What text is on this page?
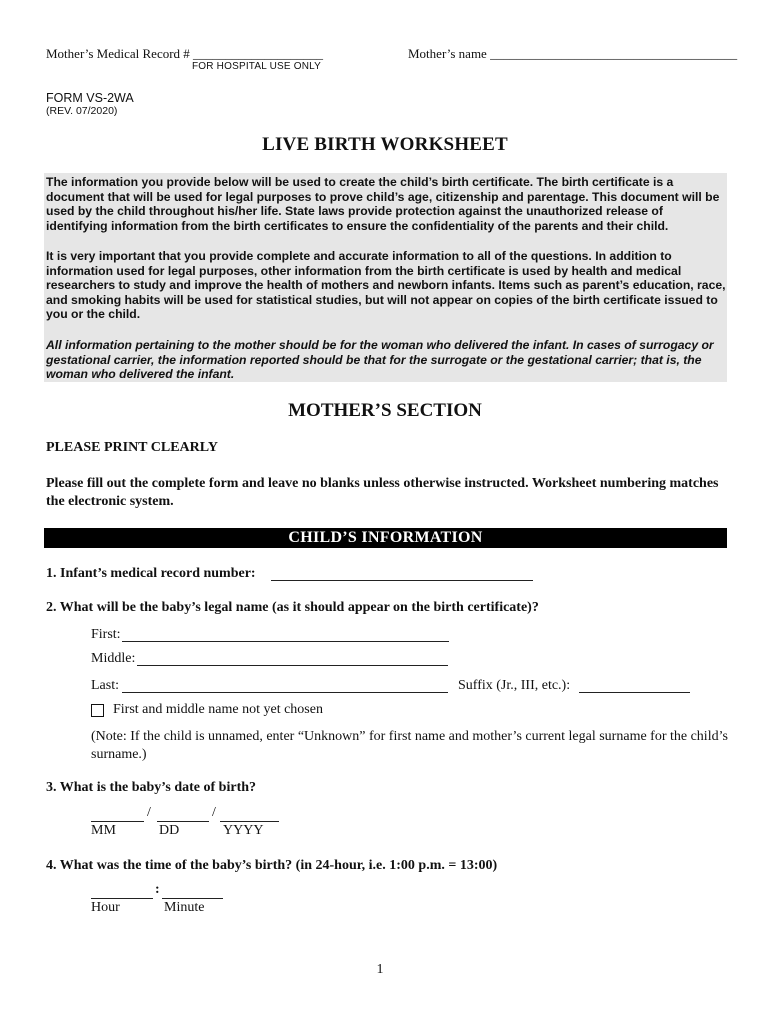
Mother’s Medical Record # ____________________
FOR HOSPITAL USE ONLY
Mother’s name ______________________________________
FORM VS-2WA
(REV. 07/2020)
LIVE BIRTH WORKSHEET

The information you provide below will be used to create the child’s birth certificate. The birth certificate is a document that will be used for legal purposes to prove child’s age, citizenship and parentage. This document will be used by the child throughout his/her life. State laws provide protection against the unauthorized release of identifying information from the birth certificates to ensure the confidentiality of the parents and their child.

It is very important that you provide complete and accurate information to all of the questions. In addition to information used for legal purposes, other information from the birth certificate is used by health and medical researchers to study and improve the health of mothers and newborn infants. Items such as parent’s education, race, and smoking habits will be used for statistical studies, but will not appear on copies of the birth certificate issued to you or the child.

All information pertaining to the mother should be for the woman who delivered the infant. In cases of surrogacy or gestational carrier, the information reported should be that for the surrogate or the gestational carrier; that is, the woman who delivered the infant.

MOTHER’S SECTION
PLEASE PRINT CLEARLY
Please fill out the complete form and leave no blanks unless otherwise instructed. Worksheet numbering matches the electronic system.
CHILD’S INFORMATION
1. Infant’s medical record number:
2. What will be the baby’s legal name (as it should appear on the birth certificate)?
First:
Middle:
Last:	Suffix (Jr., III, etc.):
First and middle name not yet chosen
(Note: If the child is unnamed, enter “Unknown” for first name and mother’s current legal surname for the child’s surname.)
3. What is the baby’s date of birth?
/	/
MM	DD	YYYY
4. What was the time of the baby’s birth? (in 24-hour, i.e. 1:00 p.m. = 13:00)
:
Hour	Minute
1
